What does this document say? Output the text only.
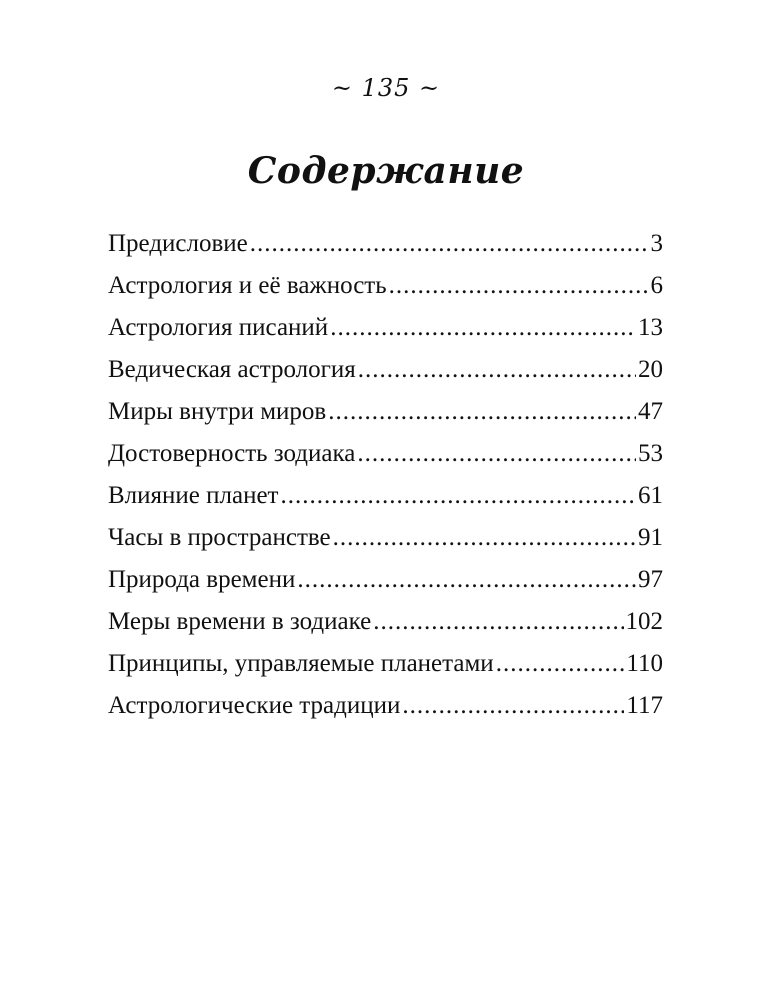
~ 135 ~
Содержание
Предисловие .....	3
Астрология и её важность .....	6
Астрология писаний .....	13
Ведическая астрология .....	20
Миры внутри миров .....	47
Достоверность зодиака .....	53
Влияние планет .....	61
Часы в пространстве .....	91
Природа времени .....	97
Меры времени в зодиаке .....	102
Принципы, управляемые планетами .....	110
Астрологические традиции .....	117
